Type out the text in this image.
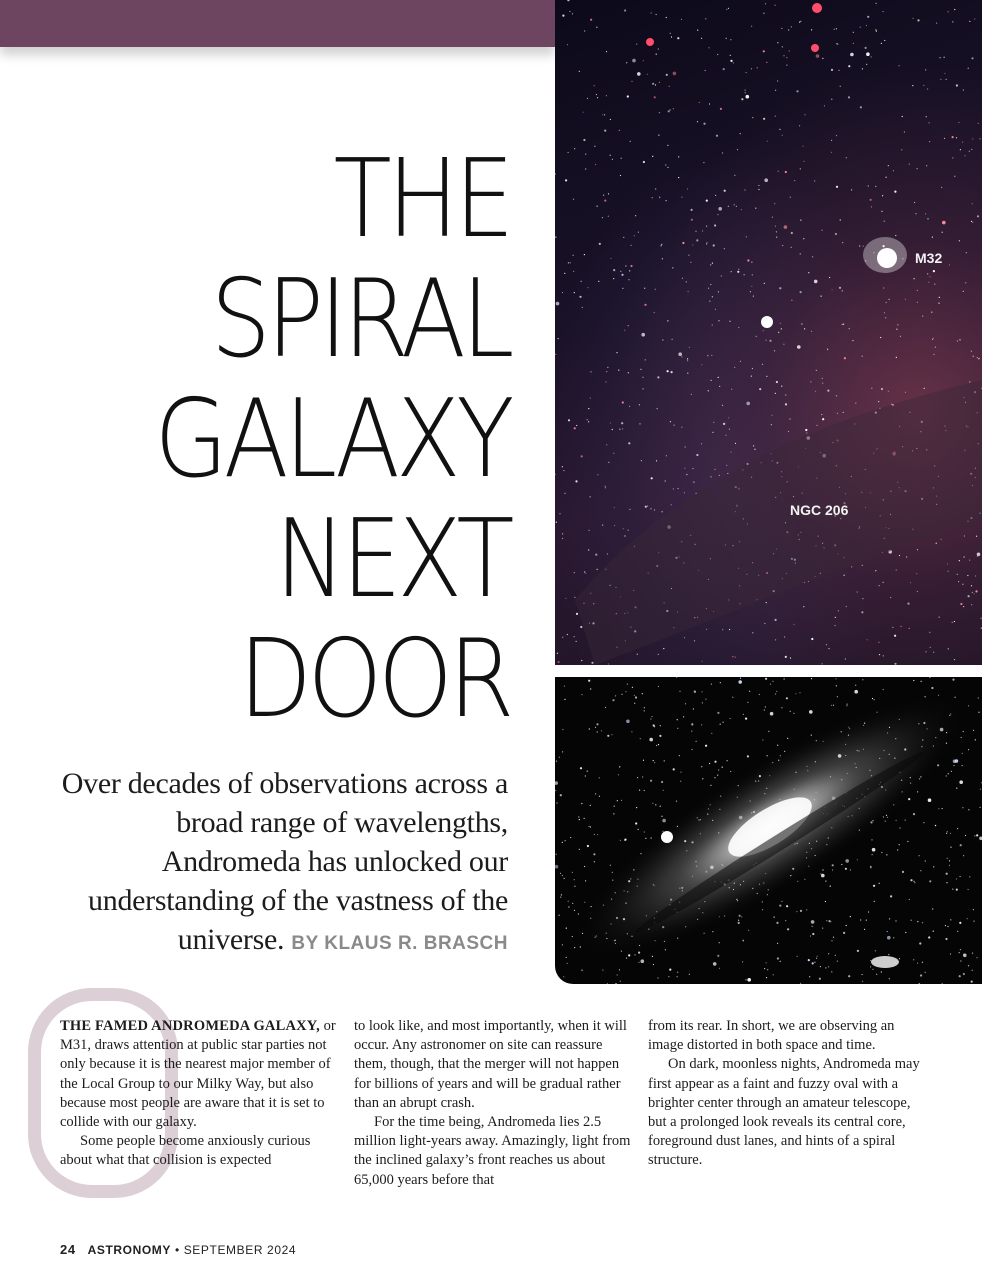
THE
SPIRAL
GALAXY
NEXT
DOOR
Over decades of observations across a broad range of wavelengths, Andromeda has unlocked our understanding of the vastness of the universe. BY KLAUS R. BRASCH
M32
NGC 206

THE FAMED ANDROMEDA GALAXY, or M31, draws attention at public star parties not only because it is the nearest major member of the Local Group to our Milky Way, but also because most people are aware that it is set to collide with our galaxy.

Some people become anxiously curious about what that collision is expected

to look like, and most importantly, when it will occur. Any astronomer on site can reassure them, though, that the merger will not happen for billions of years and will be gradual rather than an abrupt crash.

For the time being, Andromeda lies 2.5 million light-years away. Amazingly, light from the inclined galaxy’s front reaches us about 65,000 years before that

from its rear. In short, we are observing an image distorted in both space and time.

On dark, moonless nights, Andromeda may first appear as a faint and fuzzy oval with a brighter center through an amateur telescope, but a prolonged look reveals its central core, foreground dust lanes, and hints of a spiral structure.

24 ASTRONOMY • SEPTEMBER 2024
